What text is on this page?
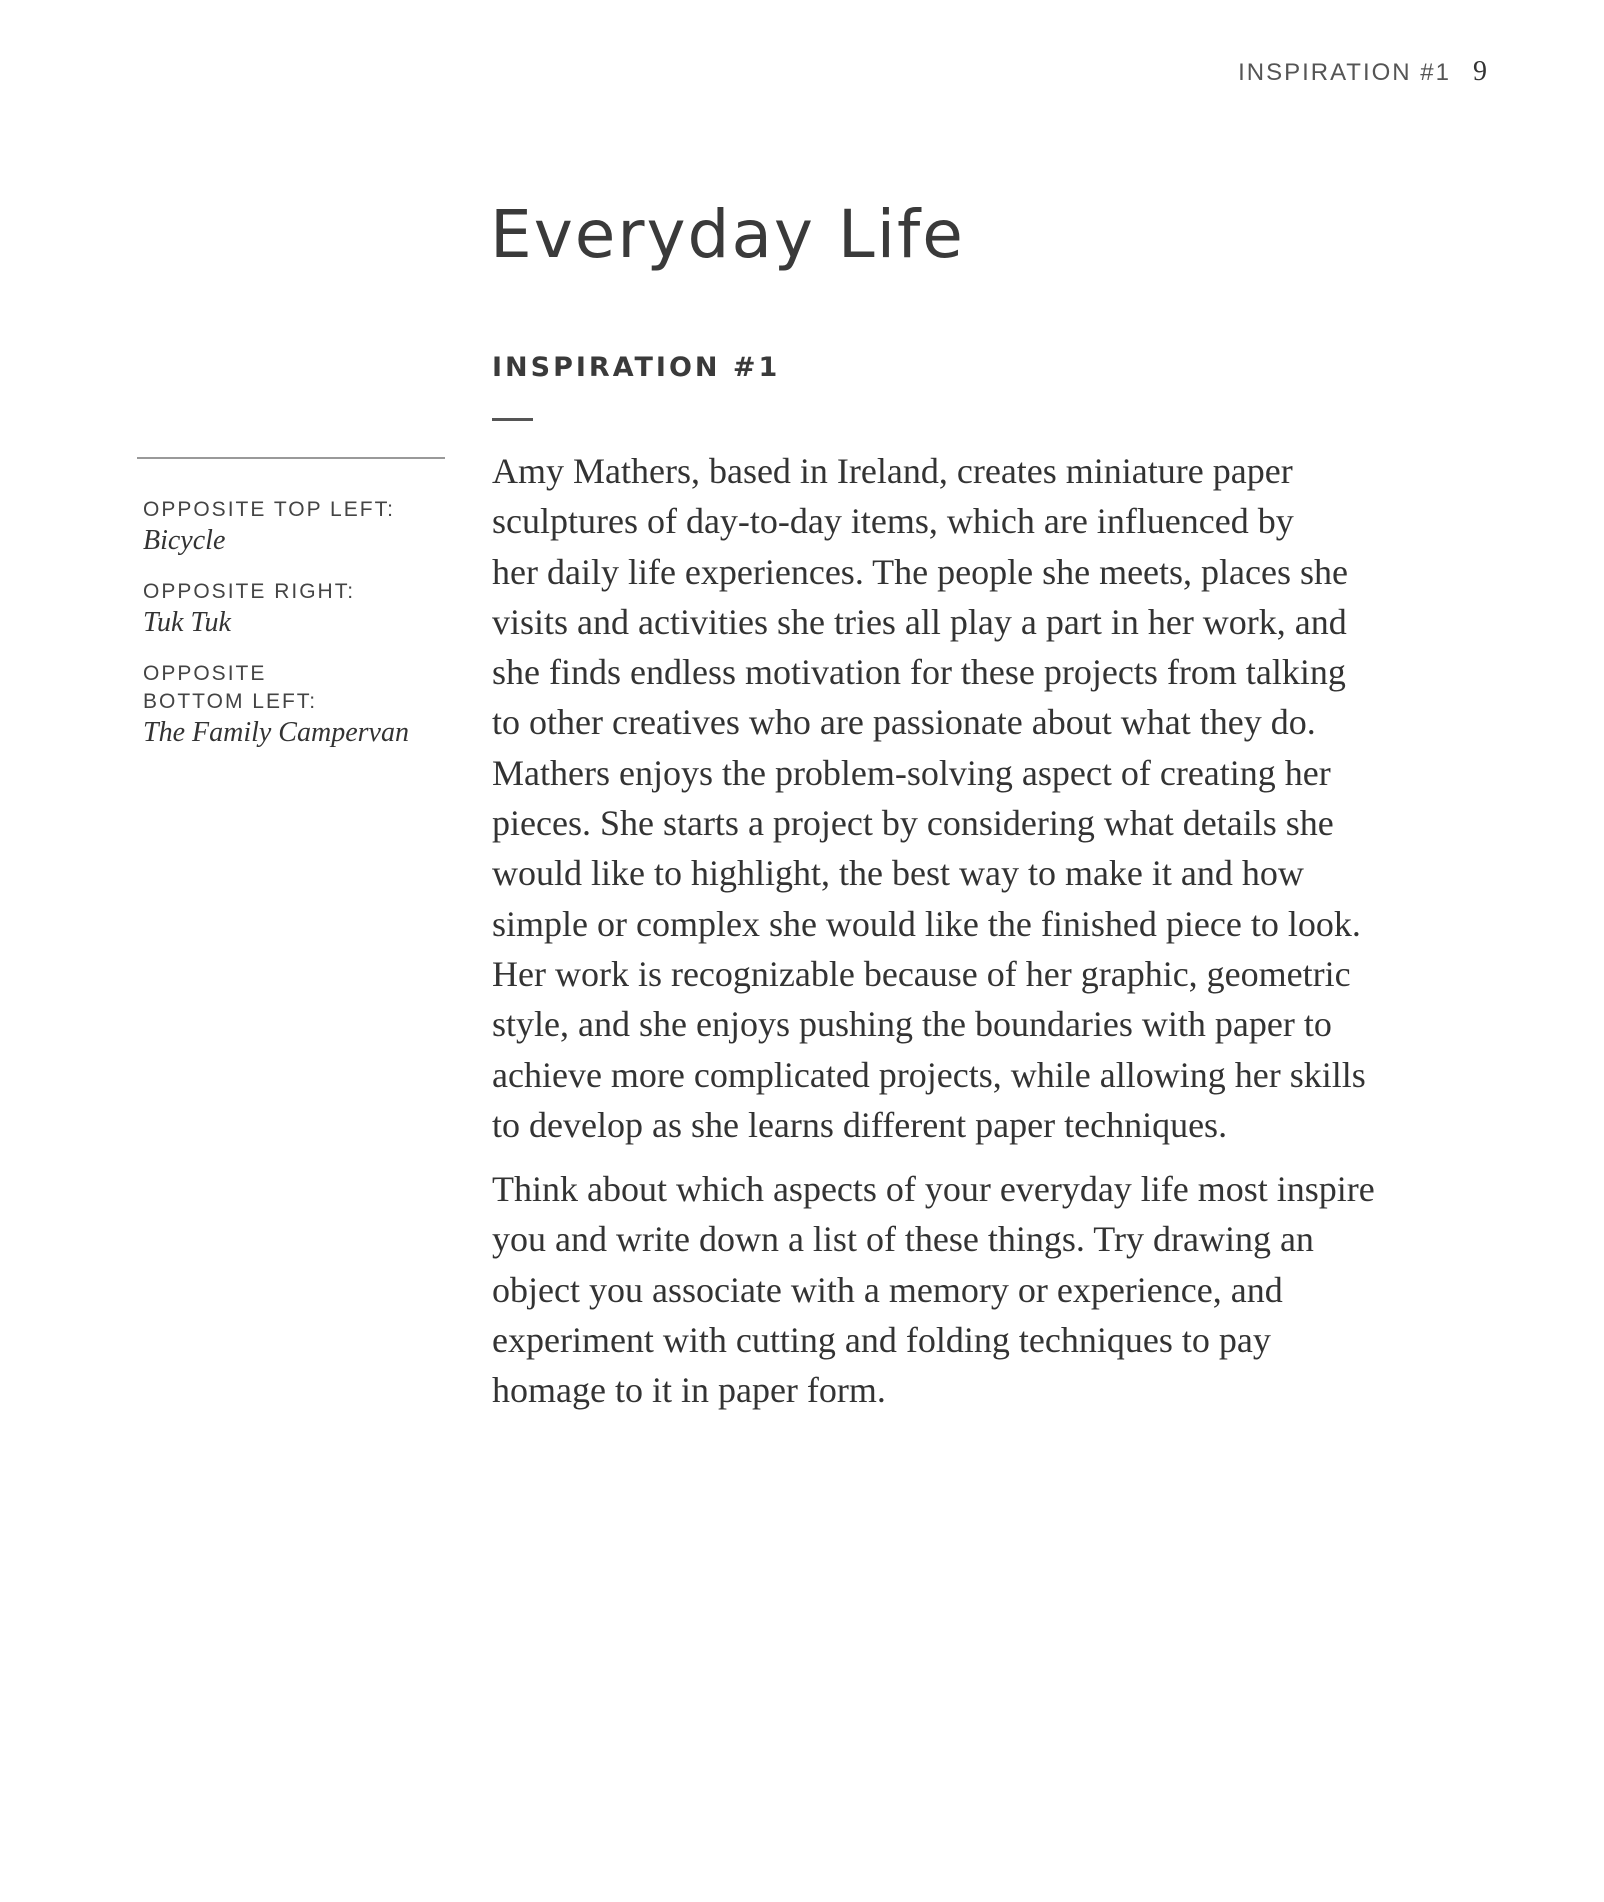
INSPIRATION #1 9
Everyday Life
INSPIRATION #1
OPPOSITE TOP LEFT:
Bicycle
OPPOSITE RIGHT:
Tuk Tuk
OPPOSITE BOTTOM LEFT:
The Family Campervan

Amy Mathers, based in Ireland, creates miniature paper
sculptures of day-to-day items, which are influenced by
her daily life experiences. The people she meets, places she
visits and activities she tries all play a part in her work, and
she finds endless motivation for these projects from talking
to other creatives who are passionate about what they do.
Mathers enjoys the problem-solving aspect of creating her
pieces. She starts a project by considering what details she
would like to highlight, the best way to make it and how
simple or complex she would like the finished piece to look.
Her work is recognizable because of her graphic, geometric
style, and she enjoys pushing the boundaries with paper to
achieve more complicated projects, while allowing her skills
to develop as she learns different paper techniques.

Think about which aspects of your everyday life most inspire
you and write down a list of these things. Try drawing an
object you associate with a memory or experience, and
experiment with cutting and folding techniques to pay
homage to it in paper form.
